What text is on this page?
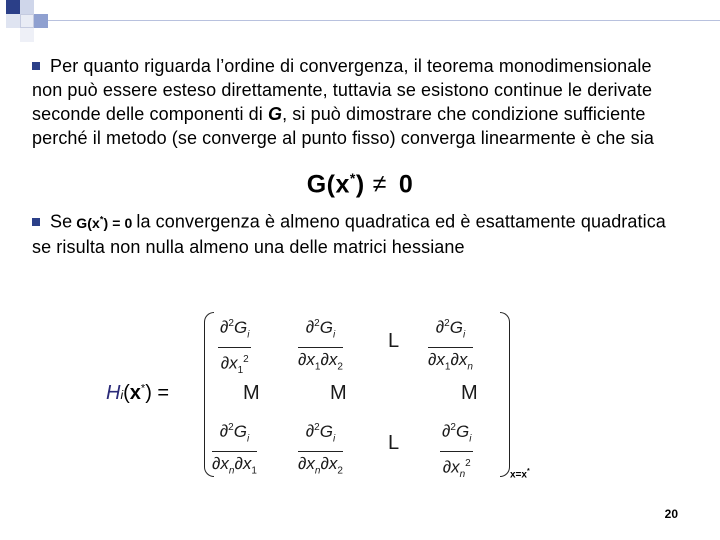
Per quanto riguarda l’ordine di convergenza, il teorema monodimensionale non può essere esteso direttamente, tuttavia se esistono continue le derivate seconde delle componenti di G, si può dimostrare che condizione sufficiente perché il metodo (se converge al punto fisso) converga linearmente è che sia
G(x*) ≠ 0
Se G(x*) = 0 la convergenza è almeno quadratica ed è esattamente quadratica se risulta non nulla almeno una delle matrici hessiane
Hi(x*) =
$\frac{\partial^2G_i}{\partial x_1^2}$	$\frac{\partial^2G_i}{\partial x_1\partial x_2}$ L $\frac{\partial^2G_i}{\partial x_1\partial x_n}$
M	M	M
$\frac{\partial^2G_i}{\partial x_n\partial x_1} \frac{\partial^2G_i}{\partial x_n\partial x_2}$ L $\frac{\partial^2G_i}{\partial x_n^2}$	x=x*
20
